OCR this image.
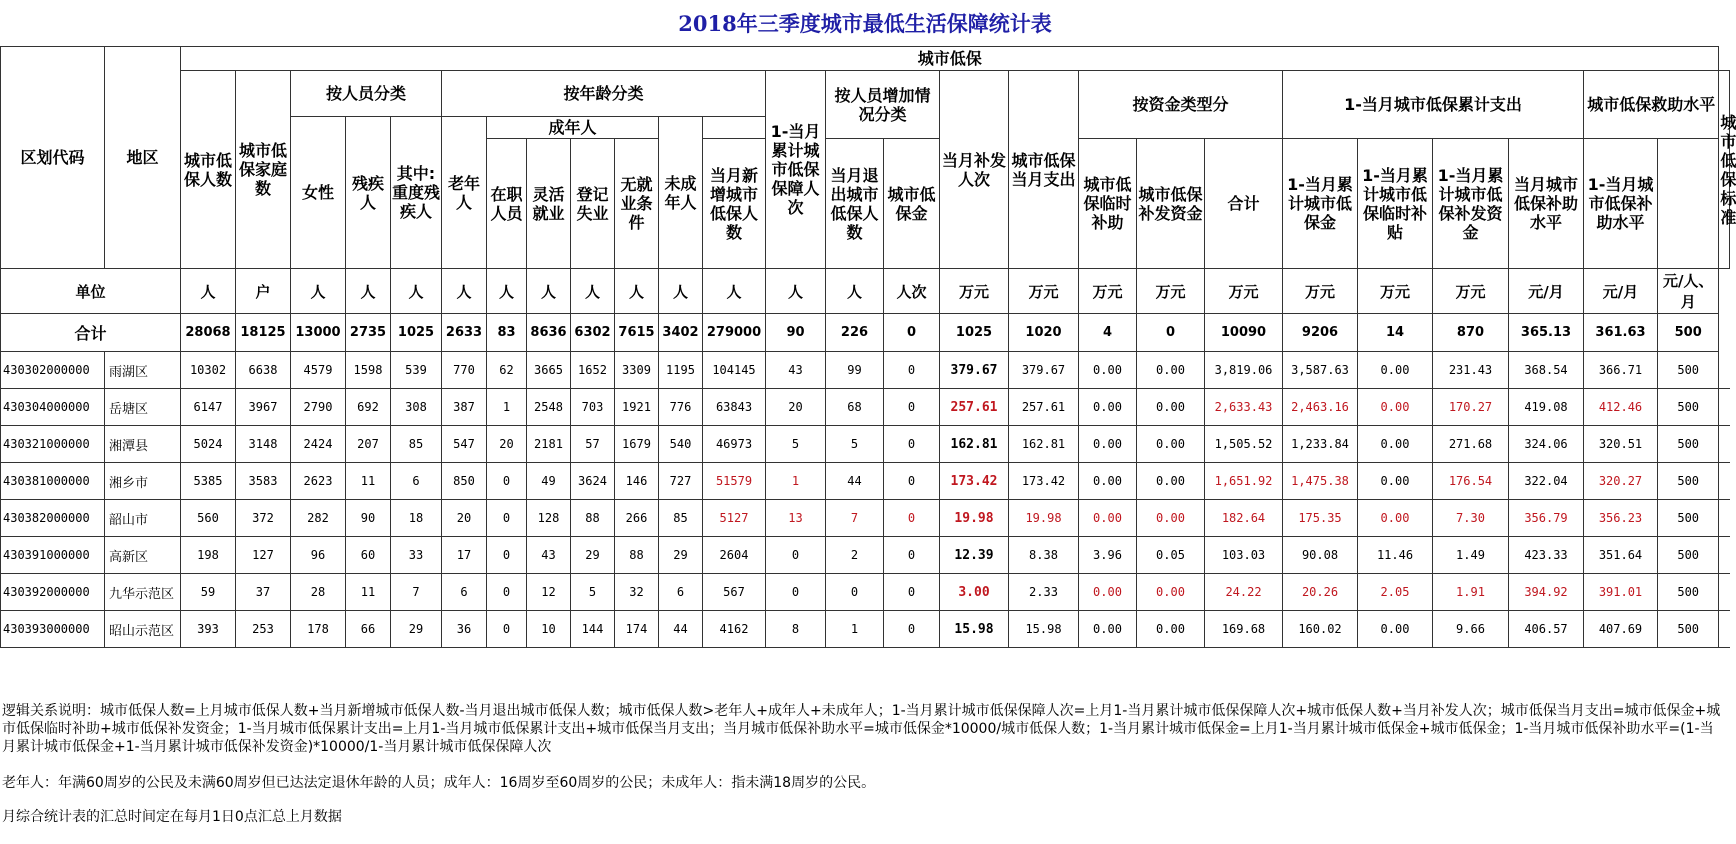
2018年三季度城市最低生活保障统计表
区划代码	地区	城市低保																										
		城市低保人数	城市低保家庭数	按人员分类			按年龄分类							1-当月累计城市低保保障人次	按人员增加情况分类		当月补发人次	城市低保当月支出	按资金类型分			1-当月城市低保累计支出				城市低保救助水平		城市低保标准
				女性	残疾人	其中:重度残疾人	老年人	成年人				未成年人																
													当月新增城市低保人数		当月退出城市低保人数	城市低保金			城市低保临时补助	城市低保补发资金	合计	1-当月累计城市低保金	1-当月累计城市低保临时补贴	1-当月累计城市低保补发资金	当月城市低保补助水平	1-当月城市低保补助水平		
								在职人员	灵活就业	登记失业	无就业条件																	
单位		人	户	人	人	人	人	人	人	人	人	人	人	人	人	人次	万元	万元	万元	万元	万元	万元	万元	万元	元/月	元/月	元/人、月	
合计		28068	18125	13000	2735	1025	2633	83	8636	6302	7615	3402	279000	90	226	0	1025	1020	4	0	10090	9206	14	870	365.13	361.63	500	
430302000000	雨湖区	10302	6638	4579	1598	539	770	62	3665	1652	3309	1195	104145	43	99	0	379.67	379.67	0.00	0.00	3,819.06	3,587.63	0.00	231.43	368.54	366.71	500	
430304000000	岳塘区	6147	3967	2790	692	308	387	1	2548	703	1921	776	63843	20	68	0	257.61	257.61	0.00	0.00	2,633.43	2,463.16	0.00	170.27	419.08	412.46	500	
430321000000	湘潭县	5024	3148	2424	207	85	547	20	2181	57	1679	540	46973	5	5	0	162.81	162.81	0.00	0.00	1,505.52	1,233.84	0.00	271.68	324.06	320.51	500	
430381000000	湘乡市	5385	3583	2623	11	6	850	0	49	3624	146	727	51579	1	44	0	173.42	173.42	0.00	0.00	1,651.92	1,475.38	0.00	176.54	322.04	320.27	500	
430382000000	韶山市	560	372	282	90	18	20	0	128	88	266	85	5127	13	7	0	19.98	19.98	0.00	0.00	182.64	175.35	0.00	7.30	356.79	356.23	500	
430391000000	高新区	198	127	96	60	33	17	0	43	29	88	29	2604	0	2	0	12.39	8.38	3.96	0.05	103.03	90.08	11.46	1.49	423.33	351.64	500	
430392000000	九华示范区	59	37	28	11	7	6	0	12	5	32	6	567	0	0	0	3.00	2.33	0.00	0.00	24.22	20.26	2.05	1.91	394.92	391.01	500	
430393000000	昭山示范区	393	253	178	66	29	36	0	10	144	174	44	4162	8	1	0	15.98	15.98	0.00	0.00	169.68	160.02	0.00	9.66	406.57	407.69	500	

逻辑关系说明：城市低保人数=上月城市低保人数+当月新增城市低保人数-当月退出城市低保人数；城市低保人数>老年人+成年人+未成年人；1-当月累计城市低保保障人次=上月1-当月累计城市低保保障人次+城市低保人数+当月补发人次；城市低保当月支出=城市低保金+城市低保临时补助+城市低保补发资金；1-当月城市低保累计支出=上月1-当月城市低保累计支出+城市低保当月支出；当月城市低保补助水平=城市低保金*10000/城市低保人数；1-当月累计城市低保金=上月1-当月累计城市低保金+城市低保金；1-当月城市低保补助水平=(1-当月累计城市低保金+1-当月累计城市低保补发资金)*10000/1-当月累计城市低保保障人次

老年人：年满60周岁的公民及未满60周岁但已达法定退休年龄的人员；成年人：16周岁至60周岁的公民；未成年人：指未满18周岁的公民。

月综合统计表的汇总时间定在每月1日0点汇总上月数据
